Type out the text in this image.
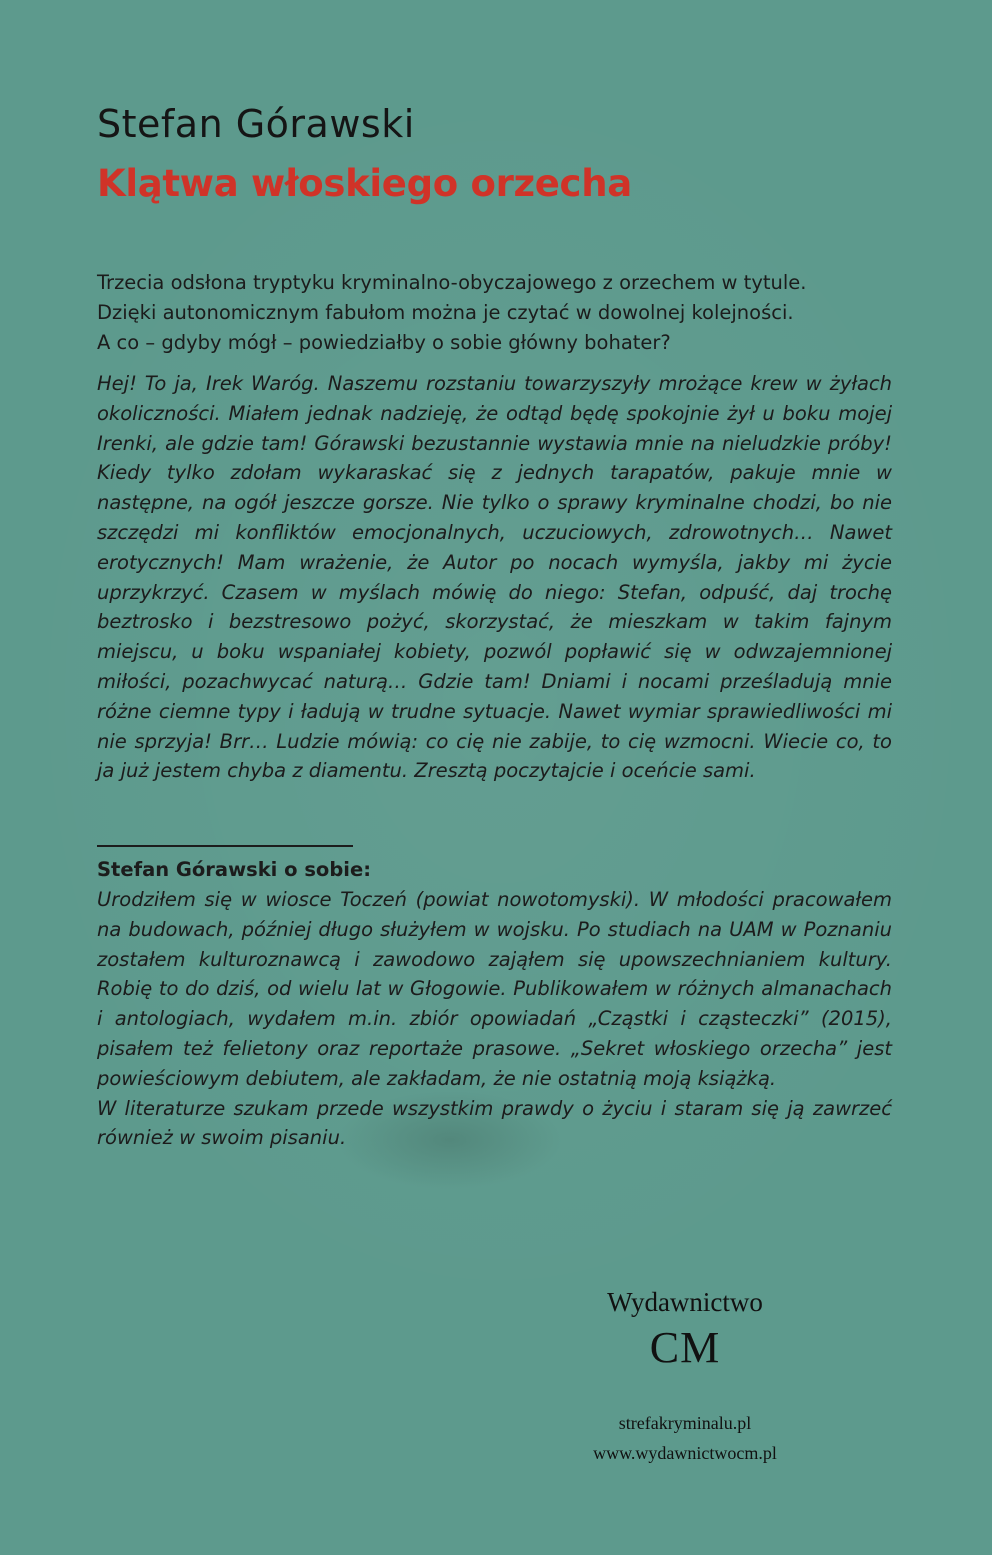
Stefan Górawski
Klątwa włoskiego orzecha
Trzecia odsłona tryptyku kryminalno-obyczajowego z orzechem w tytule.
Dzięki autonomicznym fabułom można je czytać w dowolnej kolejności.
A co – gdyby mógł – powiedziałby o sobie główny bohater?
Hej! To ja, Irek Waróg. Naszemu rozstaniu towarzyszyły mrożące krew w żyłach okoliczności. Miałem jednak nadzieję, że odtąd będę spokojnie żył u boku mojej Irenki, ale gdzie tam! Górawski bezustannie wystawia mnie na nieludzkie próby! Kiedy tylko zdołam wykaraskać się z jednych tarapatów, pakuje mnie w następne, na ogół jeszcze gorsze. Nie tylko o sprawy kryminalne chodzi, bo nie szczędzi mi konfliktów emocjonalnych, uczuciowych, zdrowotnych… Nawet erotycznych! Mam wrażenie, że Autor po nocach wymyśla, jakby mi życie uprzykrzyć. Czasem w myślach mówię do niego: Stefan, odpuść, daj trochę beztrosko i bezstresowo pożyć, skorzystać, że mieszkam w takim fajnym miejscu, u boku wspaniałej kobiety, pozwól popławić się w odwzajemnionej miłości, pozachwycać naturą… Gdzie tam! Dniami i nocami prześladują mnie różne ciemne typy i ładują w trudne sytuacje. Nawet wymiar sprawiedliwości mi nie sprzyja! Brr… Ludzie mówią: co cię nie zabije, to cię wzmocni. Wiecie co, to ja już jestem chyba z diamentu. Zresztą poczytajcie i oceńcie sami.
Stefan Górawski o sobie:

Urodziłem się w wiosce Toczeń (powiat nowotomyski). W młodości pracowałem na budowach, później długo służyłem w wojsku. Po studiach na UAM w Poznaniu zostałem kulturoznawcą i zawodowo zająłem się upowszechnianiem kultury. Robię to do dziś, od wielu lat w Głogowie. Publikowałem w różnych almanachach i antologiach, wydałem m.in. zbiór opowiadań „Cząstki i cząsteczki” (2015), pisałem też felietony oraz reportaże prasowe. „Sekret włoskiego orzecha” jest powieściowym debiutem, ale zakładam, że nie ostatnią moją książką.

W literaturze szukam przede wszystkim prawdy o życiu i staram się ją zawrzeć również w swoim pisaniu.

Wydawnictwo
CM
strefakryminalu.pl
www.wydawnictwocm.pl
